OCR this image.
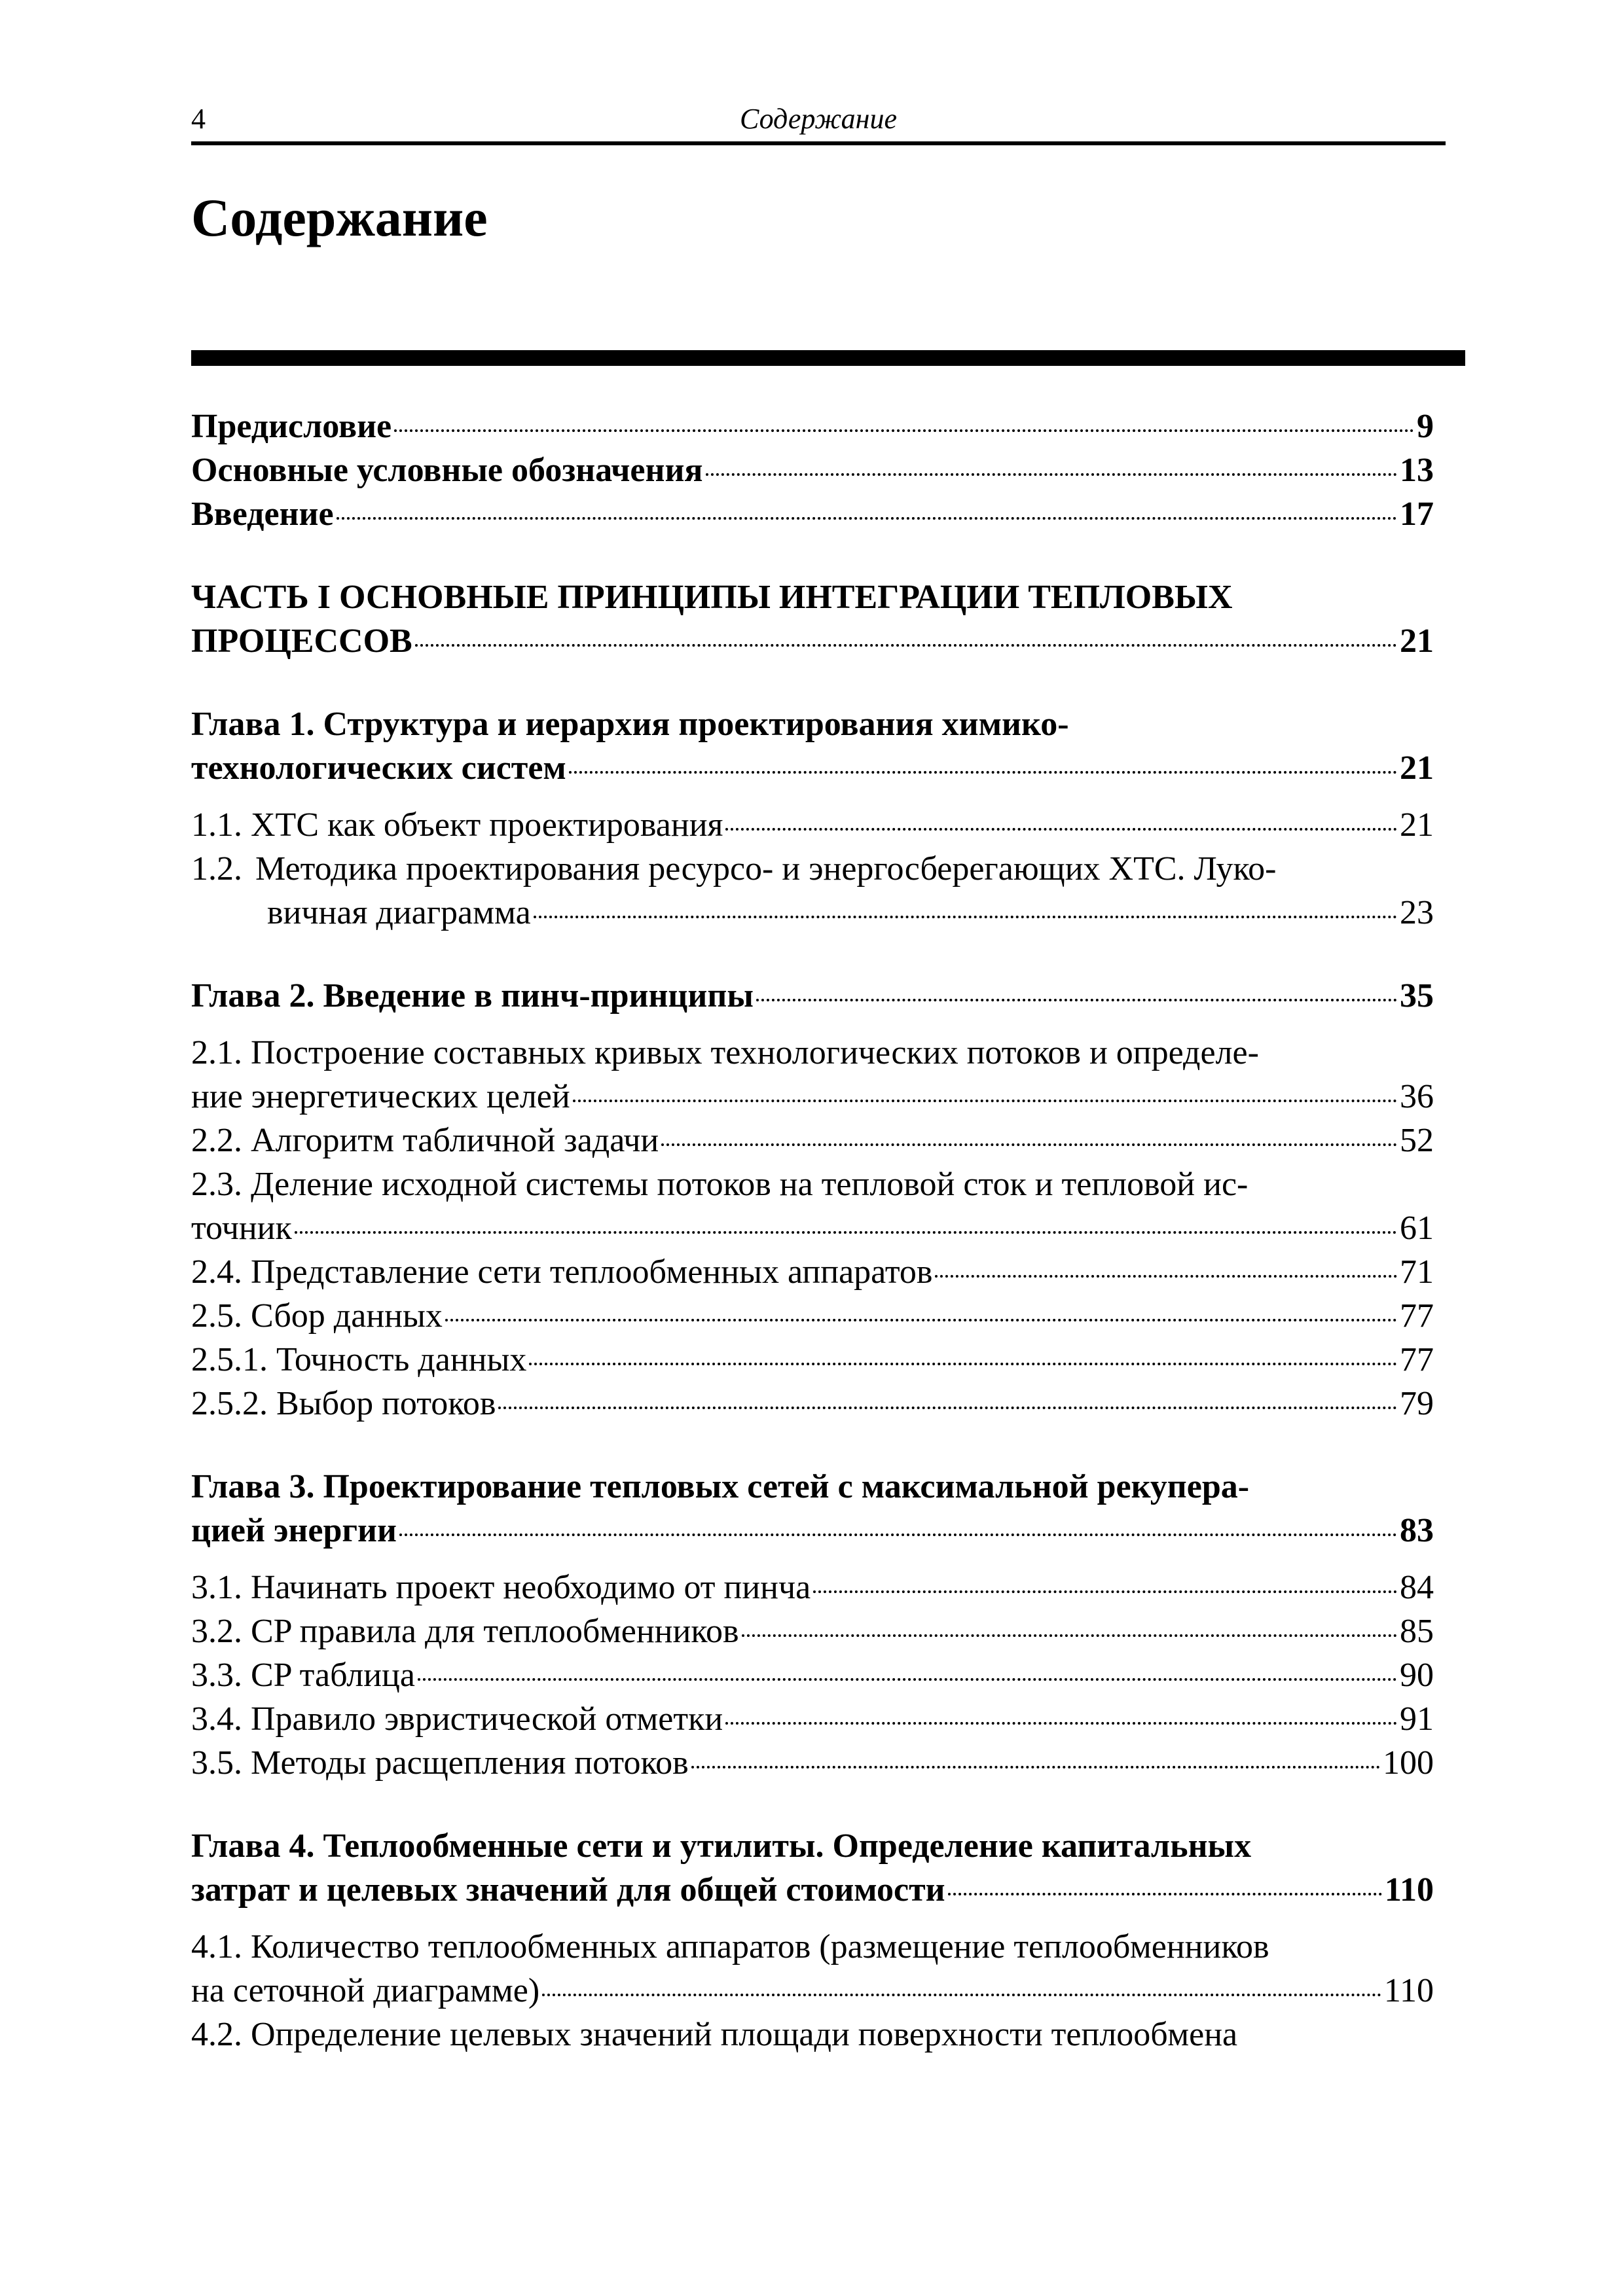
4	Содержание
Содержание
Предисловие	9
Основные условные обозначения	13
Введение	17
ЧАСТЬ I ОСНОВНЫЕ ПРИНЦИПЫ ИНТЕГРАЦИИ ТЕПЛОВЫХ
ПРОЦЕССОВ	21
Глава 1. Структура и иерархия проектирования химико-
технологических систем	21
1.1. ХТС как объект проектирования	21
1.2. Методика проектирования ресурсо- и энергосберегающих ХТС. Луко-
вичная диаграмма	23
Глава 2. Введение в пинч-принципы	35
2.1. Построение составных кривых технологических потоков и определе-
ние энергетических целей	36
2.2. Алгоритм табличной задачи	52
2.3. Деление исходной системы потоков на тепловой сток и тепловой ис-
точник	61
2.4. Представление сети теплообменных аппаратов	71
2.5. Сбор данных	77
2.5.1. Точность данных	77
2.5.2. Выбор потоков	79
Глава 3. Проектирование тепловых сетей с максимальной рекупера-
цией энергии	83
3.1. Начинать проект необходимо от пинча	84
3.2. CP правила для теплообменников	85
3.3. CP таблица	90
3.4. Правило эвристической отметки	91
3.5. Методы расщепления потоков	100
Глава 4. Теплообменные сети и утилиты. Определение капитальных
затрат и целевых значений для общей стоимости	110
4.1. Количество теплообменных аппаратов (размещение теплообменников
на сеточной диаграмме)	110
4.2. Определение целевых значений площади поверхности теплообмена
